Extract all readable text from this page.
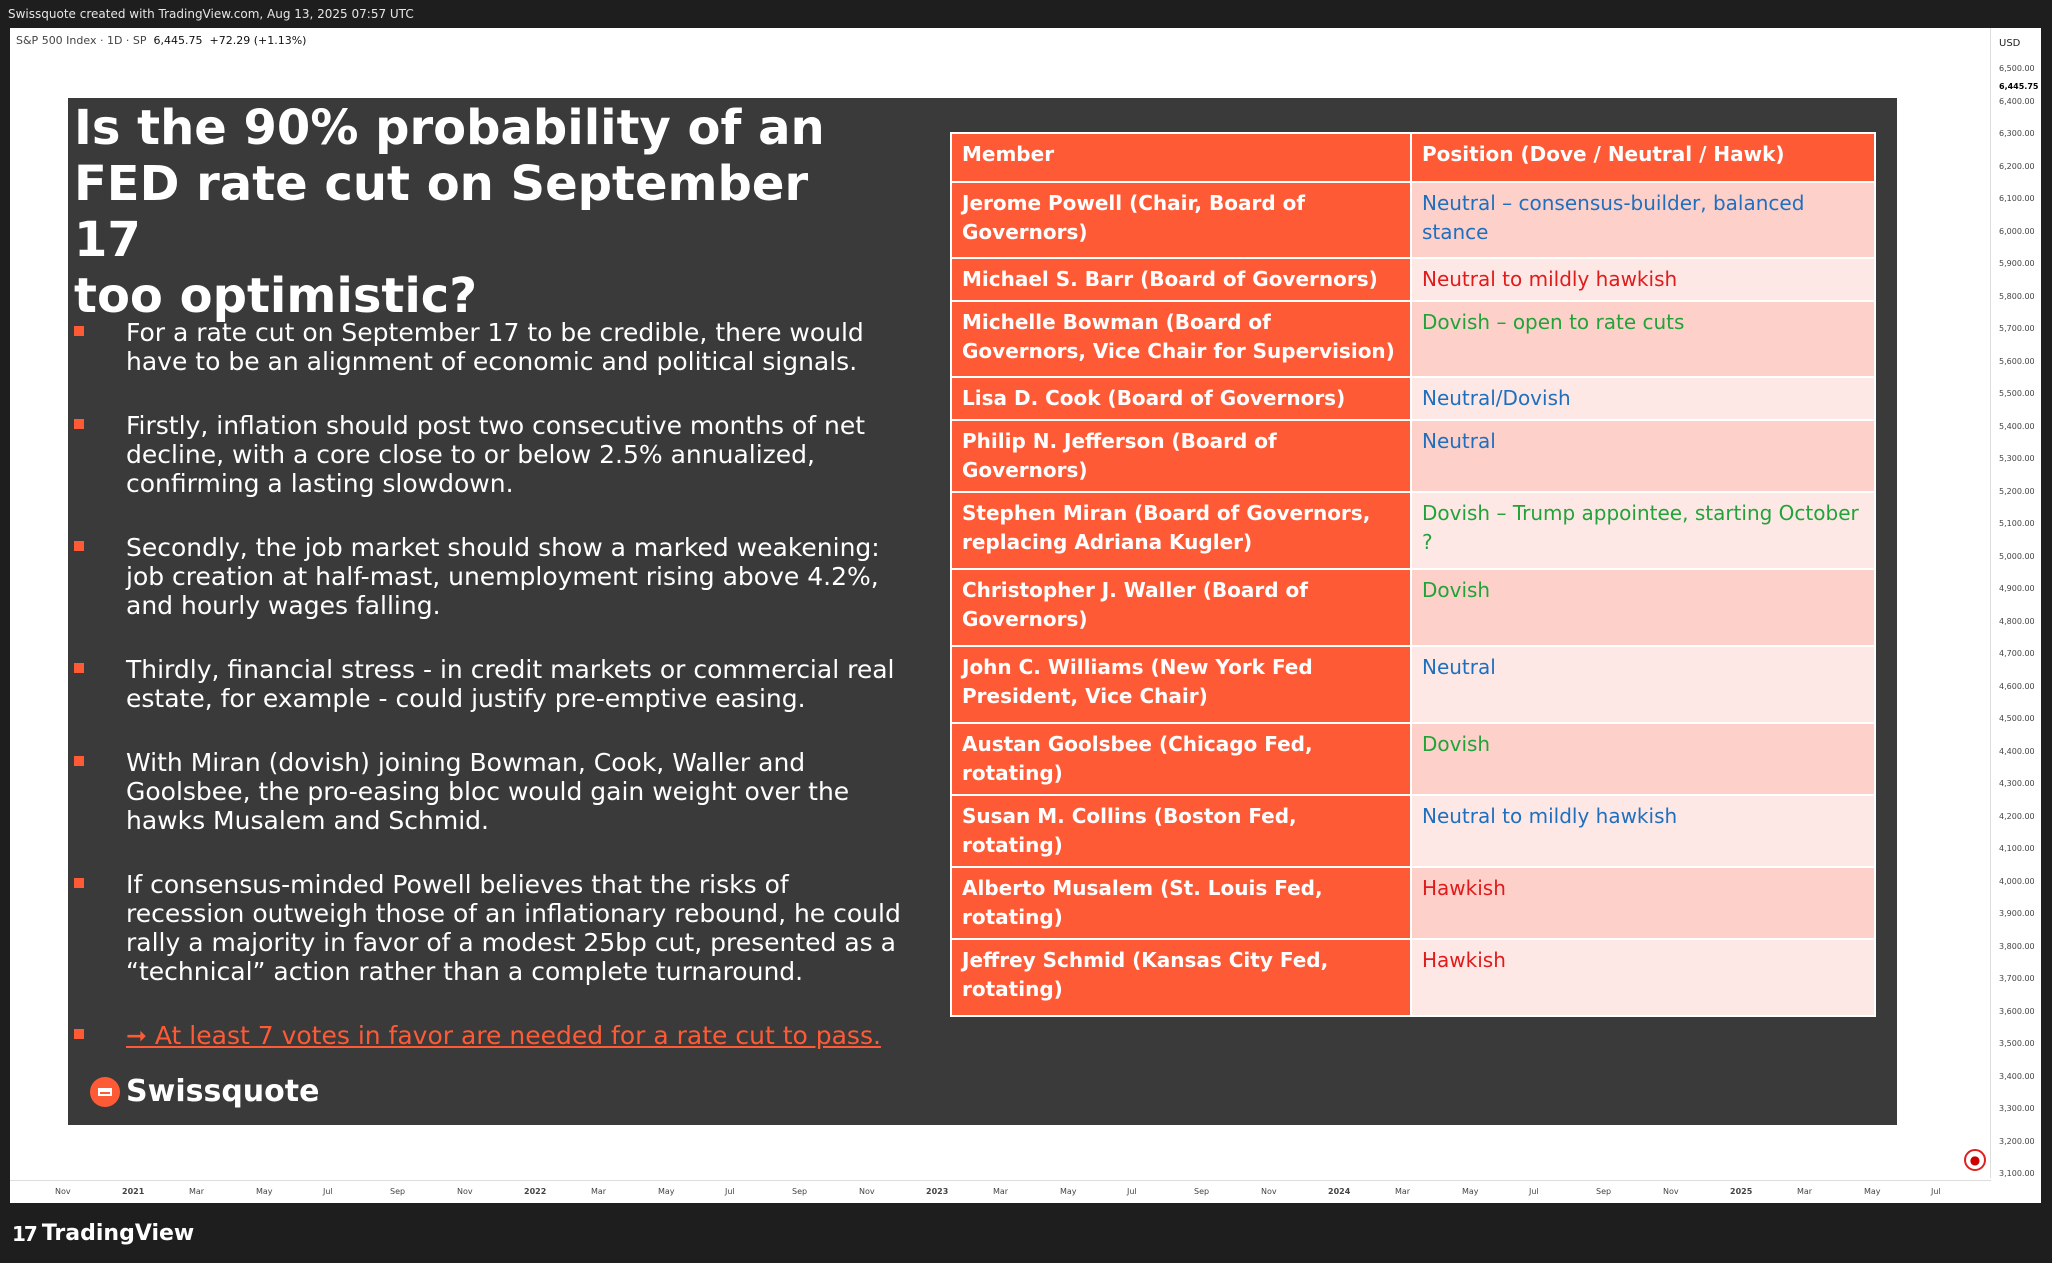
Swissquote created with TradingView.com, Aug 13, 2025 07:57 UTC
S&P 500 Index · 1D · SP 6,445.75 +72.29 (+1.13%)	USD
6,500.00
6,445.75
6,400.00
6,300.00
6,200.00
6,100.00
6,000.00
5,900.00
5,800.00
5,700.00
5,600.00
5,500.00
5,400.00
5,300.00
5,200.00
5,100.00
5,000.00
4,900.00
4,800.00
4,700.00
4,600.00
4,500.00
4,400.00
4,300.00
4,200.00
4,100.00
4,000.00
3,900.00
3,800.00
3,700.00
3,600.00
3,500.00
3,400.00
3,300.00
3,200.00
3,100.00
Nov	2021	Mar	May	Jul	Sep	Nov	2022	Mar	May	Jul	Sep	Nov	2023	Mar	May	Jul	Sep	Nov	2024	Mar	May	Jul	Sep	Nov	2025	Mar	May	Jul
●
Is the 90% probability of an
FED rate cut on September 17
too optimistic?
For a rate cut on September 17 to be credible, there would have to be an alignment of economic and political signals.
Firstly, inflation should post two consecutive months of net decline, with a core close to or below 2.5% annualized, confirming a lasting slowdown.
Secondly, the job market should show a marked weakening: job creation at half-mast, unemployment rising above 4.2%, and hourly wages falling.
Thirdly, financial stress - in credit markets or commercial real estate, for example - could justify pre-emptive easing.
With Miran (dovish) joining Bowman, Cook, Waller and Goolsbee, the pro-easing bloc would gain weight over the hawks Musalem and Schmid.
If consensus-minded Powell believes that the risks of recession outweigh those of an inflationary rebound, he could rally a majority in favor of a modest 25bp cut, presented as a “technical” action rather than a complete turnaround.
➞ At least 7 votes in favor are needed for a rate cut to pass.
Swissquote
Member	Position (Dove / Neutral / Hawk)
Jerome Powell (Chair, Board of Governors)	Neutral – consensus-builder, balanced stance
Michael S. Barr (Board of Governors)	Neutral to mildly hawkish
Michelle Bowman (Board of Governors, Vice Chair for Supervision)	Dovish – open to rate cuts
Lisa D. Cook (Board of Governors)	Neutral/Dovish
Philip N. Jefferson (Board of Governors)	Neutral
Stephen Miran (Board of Governors, replacing Adriana Kugler)	Dovish – Trump appointee, starting October ?
Christopher J. Waller (Board of Governors)	Dovish
John C. Williams (New York Fed President, Vice Chair)	Neutral
Austan Goolsbee (Chicago Fed, rotating)	Dovish
Susan M. Collins (Boston Fed, rotating)	Neutral to mildly hawkish
Alberto Musalem (St. Louis Fed, rotating)	Hawkish
Jeffrey Schmid (Kansas City Fed, rotating)	Hawkish
17 TradingView
